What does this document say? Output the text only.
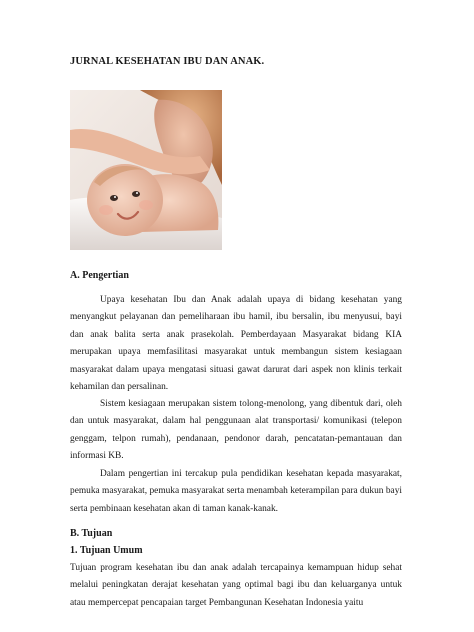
JURNAL KESEHATAN IBU DAN ANAK.
A. Pengertian

Upaya kesehatan Ibu dan Anak adalah upaya di bidang kesehatan yang menyangkut pelayanan dan pemeliharaan ibu hamil, ibu bersalin, ibu menyusui, bayi dan anak balita serta anak prasekolah. Pemberdayaan Masyarakat bidang KIA merupakan upaya memfasilitasi masyarakat untuk membangun sistem kesiagaan masyarakat dalam upaya mengatasi situasi gawat darurat dari aspek non klinis terkait kehamilan dan persalinan.

Sistem kesiagaan merupakan sistem tolong-menolong, yang dibentuk dari, oleh dan untuk masyarakat, dalam hal penggunaan alat transportasi/ komunikasi (telepon genggam, telpon rumah), pendanaan, pendonor darah, pencatatan-pemantauan dan informasi KB.

Dalam pengertian ini tercakup pula pendidikan kesehatan kepada masyarakat, pemuka masyarakat, pemuka masyarakat serta menambah keterampilan para dukun bayi serta pembinaan kesehatan akan di taman kanak-kanak.

B. Tujuan
1. Tujuan Umum

Tujuan program kesehatan ibu dan anak adalah tercapainya kemampuan hidup sehat melalui peningkatan derajat kesehatan yang optimal bagi ibu dan keluarganya untuk atau mempercepat pencapaian target Pembangunan Kesehatan Indonesia yaitu
